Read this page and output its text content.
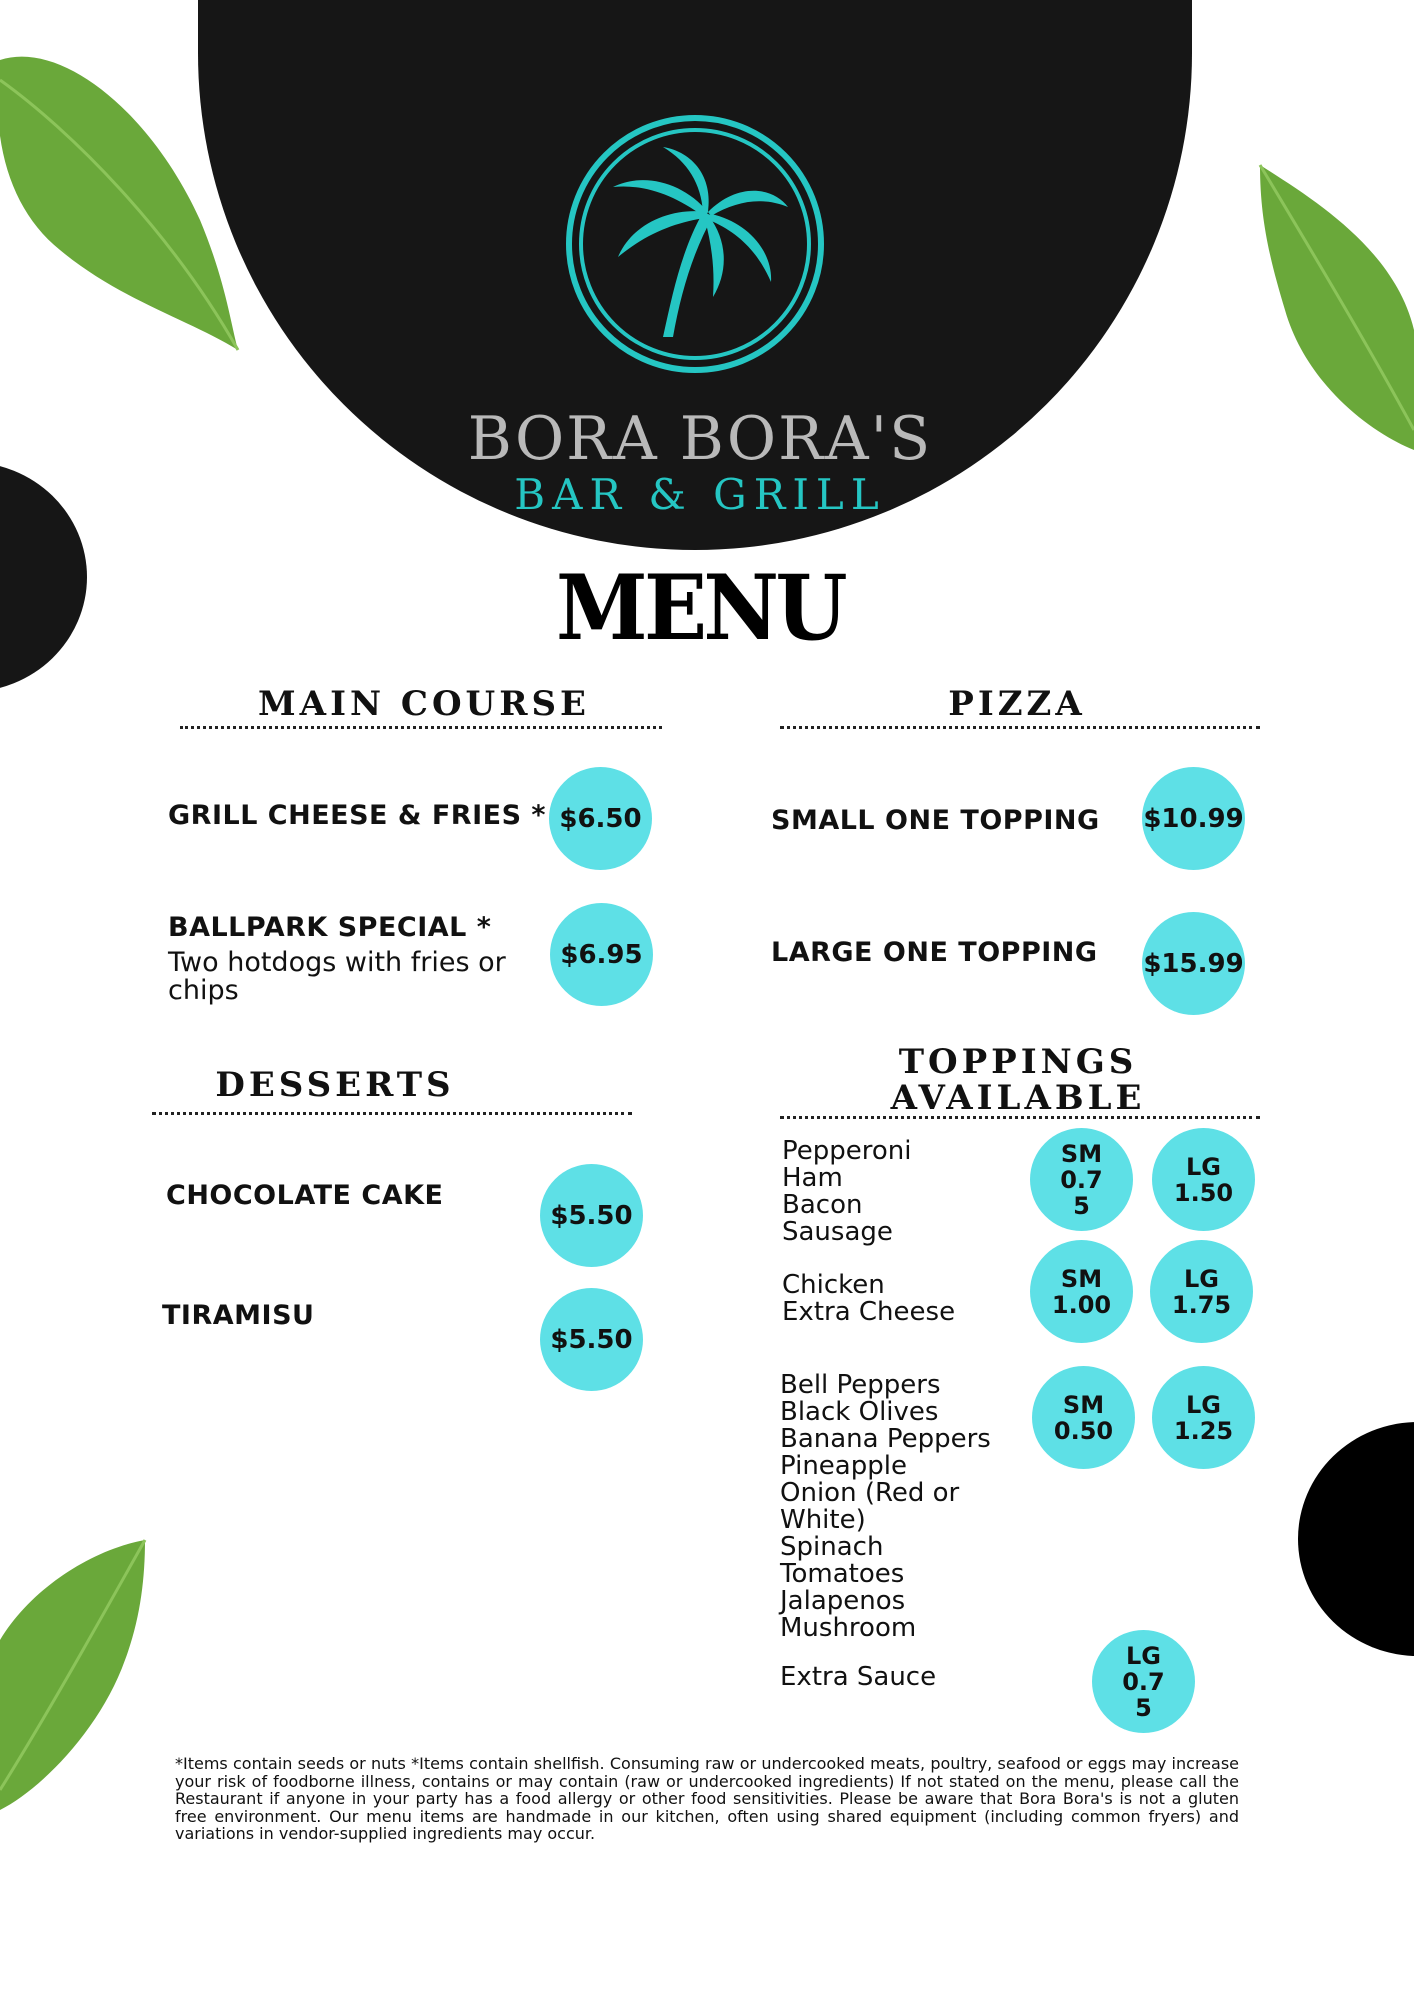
BORA BORA'S
BAR & GRILL
MENU
MAIN COURSE
GRILL CHEESE & FRIES * $6.50
BALLPARK SPECIAL *
Two hotdogs with fries or chips
$6.95
DESSERTS
CHOCOLATE CAKE
$5.50
TIRAMISU
$5.50
PIZZA
SMALL ONE TOPPING $10.99
LARGE ONE TOPPING $15.99
TOPPINGS
AVAILABLE
Pepperoni
Ham
Bacon
Sausage
SM
0.7
5
LG
1.50
Chicken
Extra Cheese
SM
1.00
LG
1.75
Bell Peppers
Black Olives
Banana Peppers
Pineapple
Onion (Red or
White)
Spinach
Tomatoes
Jalapenos
Mushroom
SM
0.50
LG
1.25
Extra Sauce
LG
0.7
5
*Items contain seeds or nuts *Items contain shellfish. Consuming raw or undercooked meats, poultry, seafood or eggs may increase your risk of foodborne illness, contains or may contain (raw or undercooked ingredients) If not stated on the menu, please call the Restaurant if anyone in your party has a food allergy or other food sensitivities. Please be aware that Bora Bora's is not a gluten free environment. Our menu items are handmade in our kitchen, often using shared equipment (including common fryers) and variations in vendor-supplied ingredients may occur.
